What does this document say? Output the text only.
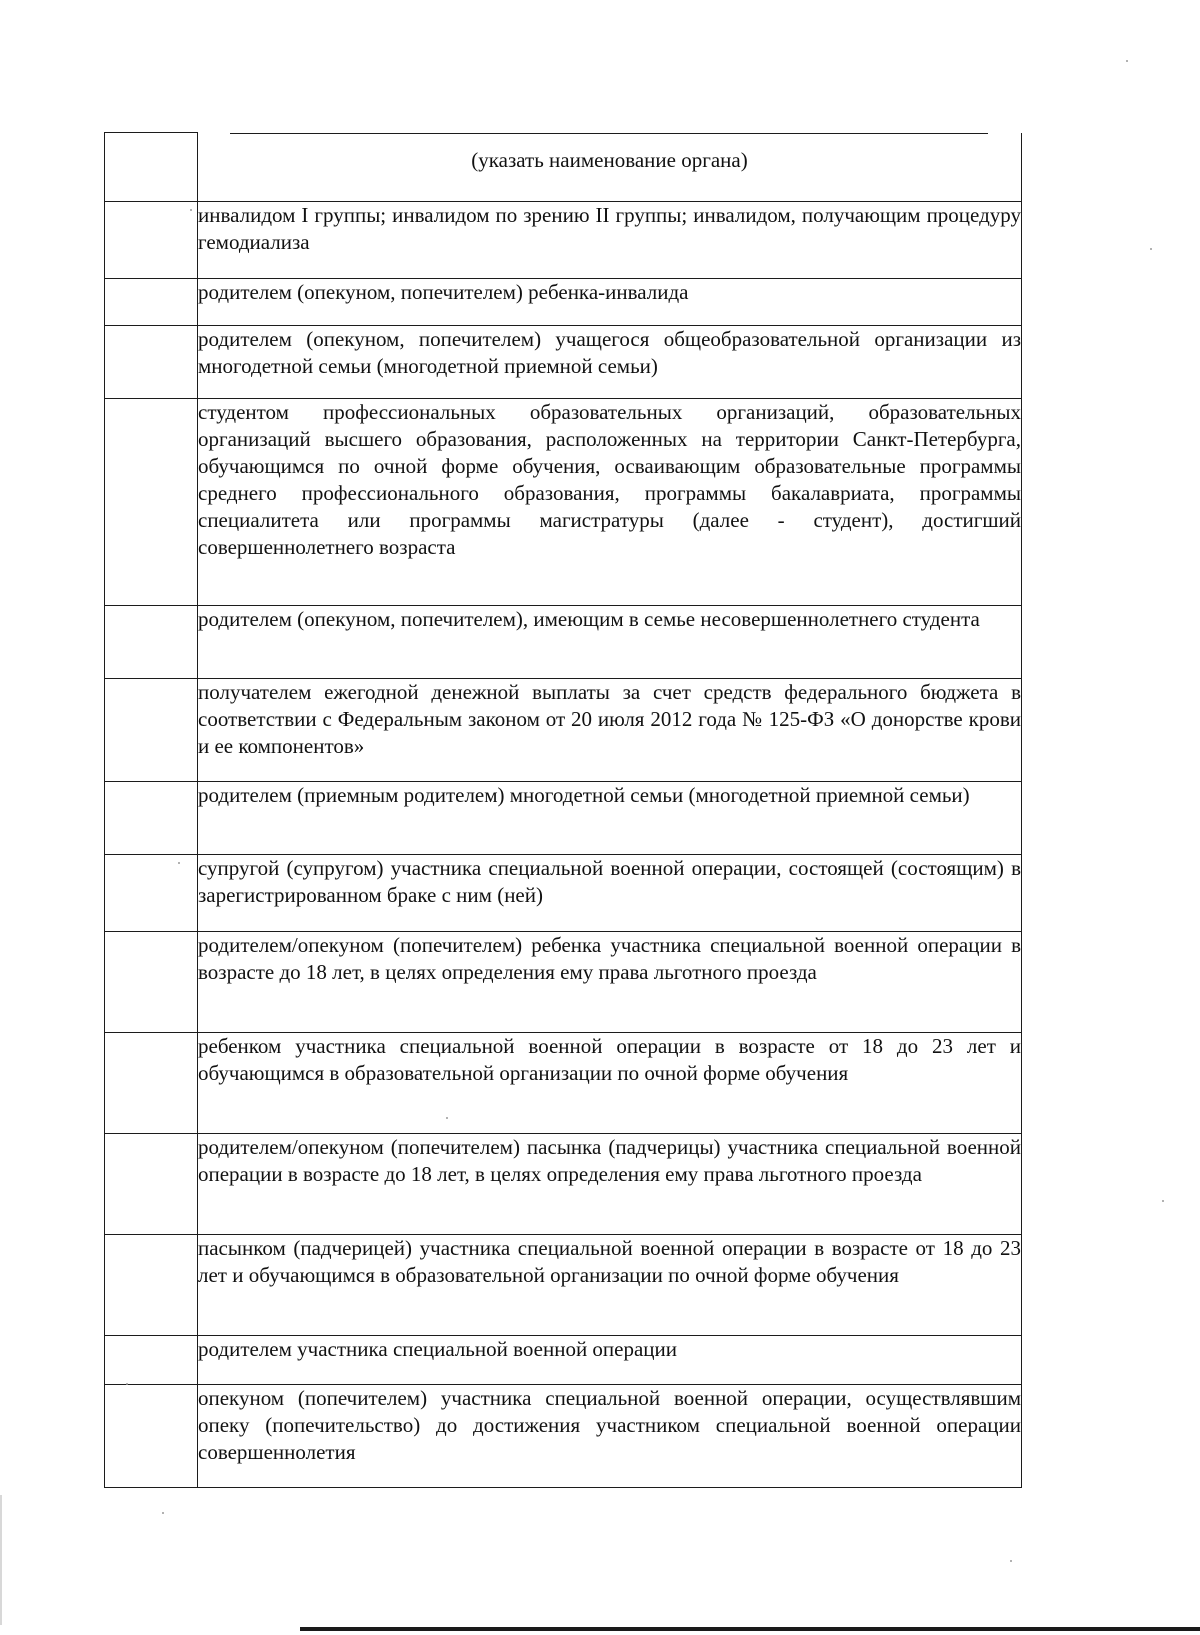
(указать наименование органа)
	инвалидом I группы; инвалидом по зрению II группы; инвалидом, получающим процедуру гемодиализа
	родителем (опекуном, попечителем) ребенка-инвалида
	родителем (опекуном, попечителем) учащегося общеобразовательной организации из многодетной семьи (многодетной приемной семьи)
	студентом профессиональных образовательных организаций, образовательных организаций высшего образования, расположенных на территории Санкт-Петербурга, обучающимся по очной форме обучения, осваивающим образовательные программы среднего профессионального образования, программы бакалавриата, программы специалитета или программы магистратуры (далее - студент), достигший совершеннолетнего возраста
	родителем (опекуном, попечителем), имеющим в семье несовершеннолетнего студента
	получателем ежегодной денежной выплаты за счет средств федерального бюджета в соответствии с Федеральным законом от 20 июля 2012 года № 125-ФЗ «О донорстве крови и ее компонентов»
	родителем (приемным родителем) многодетной семьи (многодетной приемной семьи)
	супругой (супругом) участника специальной военной операции, состоящей (состоящим) в зарегистрированном браке с ним (ней)
	родителем/опекуном (попечителем) ребенка участника специальной военной операции в возрасте до 18 лет, в целях определения ему права льготного проезда
	ребенком участника специальной военной операции в возрасте от 18 до 23 лет и обучающимся в образовательной организации по очной форме обучения
	родителем/опекуном (попечителем) пасынка (падчерицы) участника специальной военной операции в возрасте до 18 лет, в целях определения ему права льготного проезда
	пасынком (падчерицей) участника специальной военной операции в возрасте от 18 до 23 лет и обучающимся в образовательной организации по очной форме обучения
	родителем участника специальной военной операции
	опекуном (попечителем) участника специальной военной операции, осуществлявшим опеку (попечительство) до достижения участником специальной военной операции совершеннолетия
